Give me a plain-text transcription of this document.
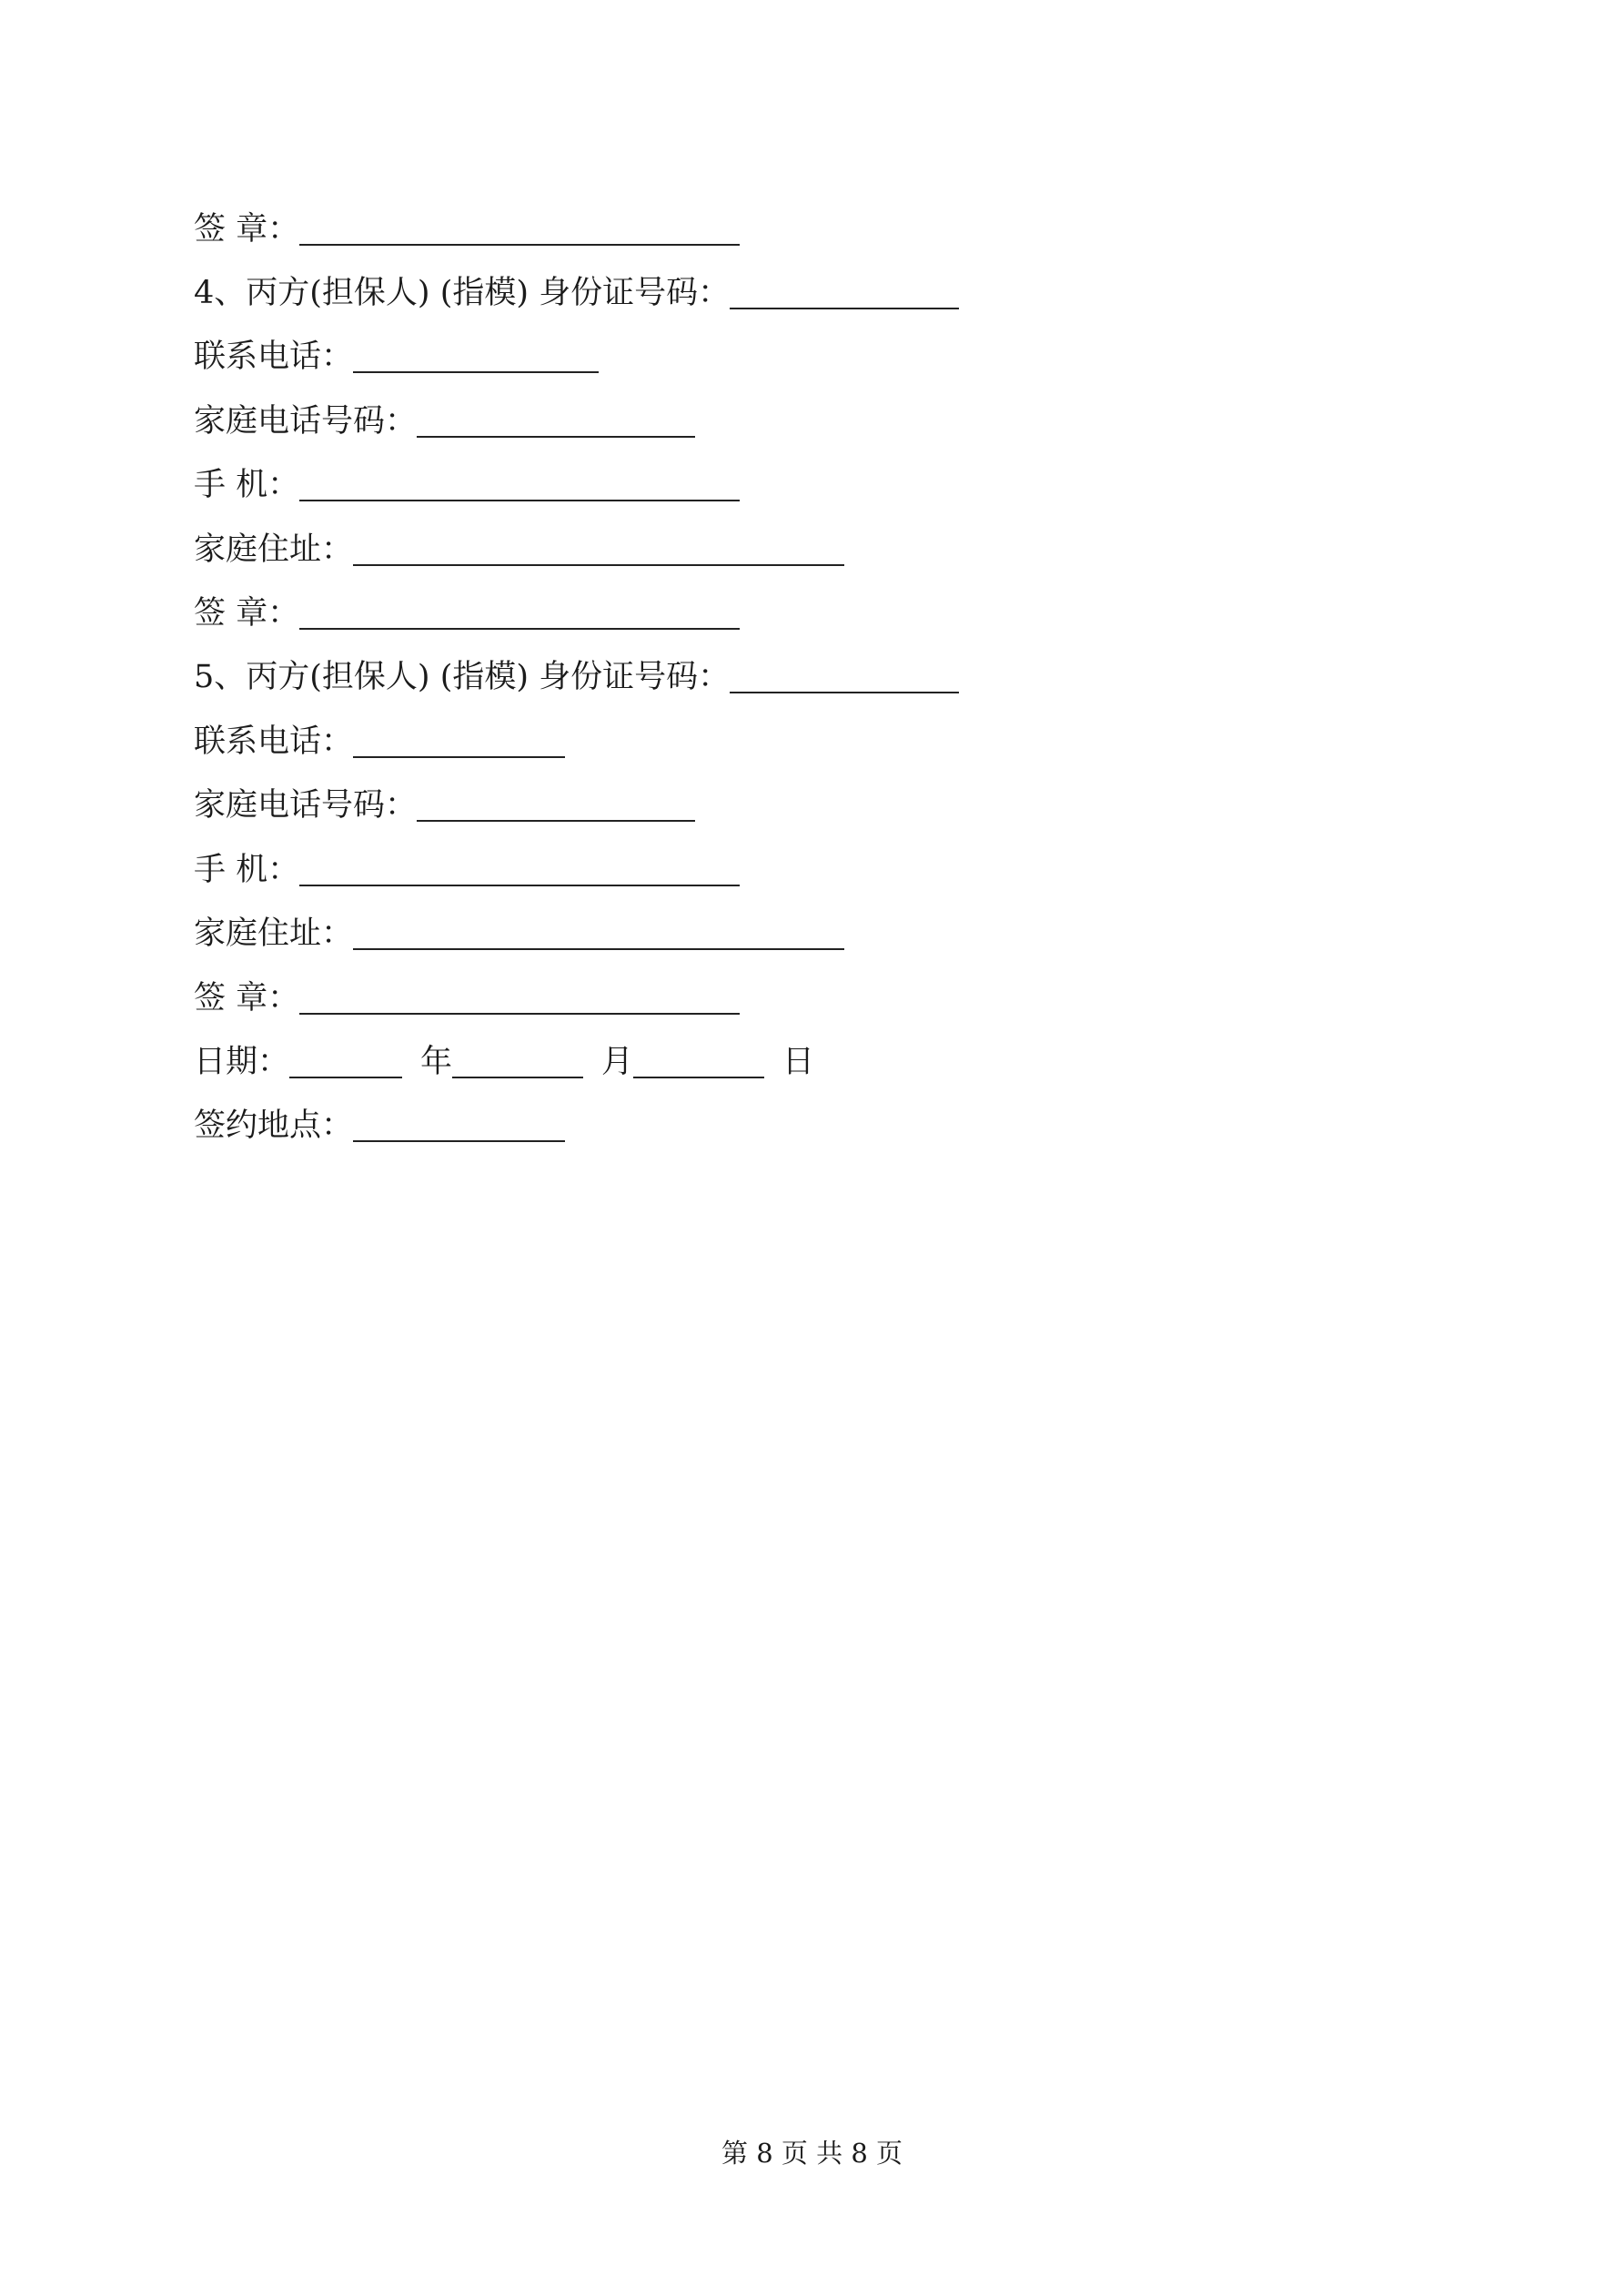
签 章：
4、丙方(担保人) (指模) 身份证号码：
联系电话：
家庭电话号码：
手 机：
家庭住址：
签 章：
5、丙方(担保人) (指模) 身份证号码：
联系电话：
家庭电话号码：
手 机：
家庭住址：
签 章：
日期：	年	月	日
签约地点：
第 8 页 共 8 页
